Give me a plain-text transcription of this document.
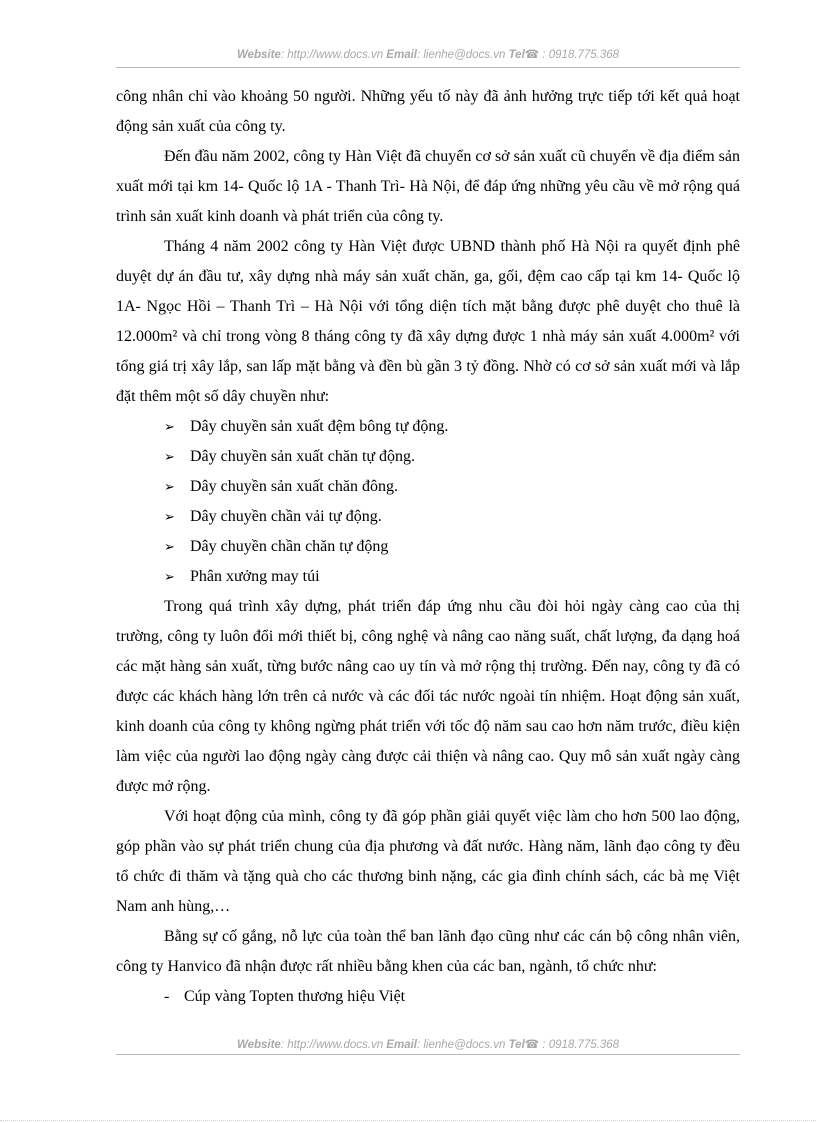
Website: http://www.docs.vn Email: lienhe@docs.vn Tel☎ : 0918.775.368

công nhân chỉ vào khoảng 50 người. Những yếu tố này đã ảnh hưởng trực tiếp tới kết quả hoạt động sản xuất của công ty.

Đến đầu năm 2002, công ty Hàn Việt đã chuyển cơ sở sản xuất cũ chuyển về địa điểm sản xuất mới tại km 14- Quốc lộ 1A - Thanh Trì- Hà Nội, để đáp ứng những yêu cầu về mở rộng quá trình sản xuất kinh doanh và phát triển của công ty.

Tháng 4 năm 2002 công ty Hàn Việt được UBND thành phố Hà Nội ra quyết định phê duyệt dự án đầu tư, xây dựng nhà máy sản xuất chăn, ga, gối, đệm cao cấp tại km 14- Quốc lộ 1A- Ngọc Hồi – Thanh Trì – Hà Nội với tổng diện tích mặt bằng được phê duyệt cho thuê là 12.000m² và chỉ trong vòng 8 tháng công ty đã xây dựng được 1 nhà máy sản xuất 4.000m² với tổng giá trị xây lắp, san lấp mặt bằng và đền bù gần 3 tỷ đồng. Nhờ có cơ sở sản xuất mới và lắp đặt thêm một số dây chuyền như:

➢ Dây chuyền sản xuất đệm bông tự động.
➢ Dây chuyền sản xuất chăn tự động.
➢ Dây chuyền sản xuất chăn đông.
➢ Dây chuyền chần vải tự động.
➢ Dây chuyền chần chăn tự động
➢ Phân xưởng may túi

Trong quá trình xây dựng, phát triển đáp ứng nhu cầu đòi hỏi ngày càng cao của thị trường, công ty luôn đổi mới thiết bị, công nghệ và nâng cao năng suất, chất lượng, đa dạng hoá các mặt hàng sản xuất, từng bước nâng cao uy tín và mở rộng thị trường. Đến nay, công ty đã có được các khách hàng lớn trên cả nước và các đối tác nước ngoài tín nhiệm. Hoạt động sản xuất, kinh doanh của công ty không ngừng phát triển với tốc độ năm sau cao hơn năm trước, điều kiện làm việc của người lao động ngày càng được cải thiện và nâng cao. Quy mô sản xuất ngày càng được mở rộng.

Với hoạt động của mình, công ty đã góp phần giải quyết việc làm cho hơn 500 lao động, góp phần vào sự phát triển chung của địa phương và đất nước. Hàng năm, lãnh đạo công ty đều tổ chức đi thăm và tặng quà cho các thương binh nặng, các gia đình chính sách, các bà mẹ Việt Nam anh hùng,…

Bằng sự cố gắng, nỗ lực của toàn thể ban lãnh đạo cũng như các cán bộ công nhân viên, công ty Hanvico đã nhận được rất nhiều bằng khen của các ban, ngành, tổ chức như:

- Cúp vàng Topten thương hiệu Việt
Website: http://www.docs.vn Email: lienhe@docs.vn Tel☎ : 0918.775.368
